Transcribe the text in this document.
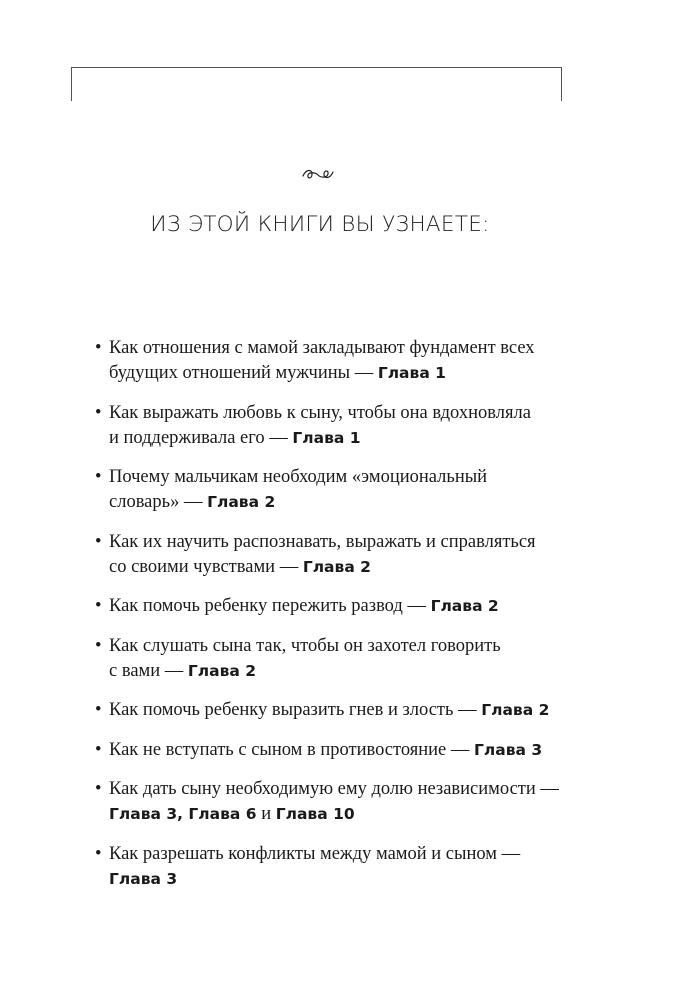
ИЗ ЭТОЙ КНИГИ ВЫ УЗНАЕТЕ:
• Как отношения с мамой закладывают фундамент всех
будущих отношений мужчины — Глава 1
• Как выражать любовь к сыну, чтобы она вдохновляла
и поддерживала его — Глава 1
• Почему мальчикам необходим «эмоциональный
словарь» — Глава 2
• Как их научить распознавать, выражать и справляться
со своими чувствами — Глава 2
• Как помочь ребенку пережить развод — Глава 2
• Как слушать сына так, чтобы он захотел говорить
с вами — Глава 2
• Как помочь ребенку выразить гнев и злость — Глава 2
• Как не вступать с сыном в противостояние — Глава 3
• Как дать сыну необходимую ему долю независимости —
Глава 3, Глава 6 и Глава 10
• Как разрешать конфликты между мамой и сыном —
Глава 3
